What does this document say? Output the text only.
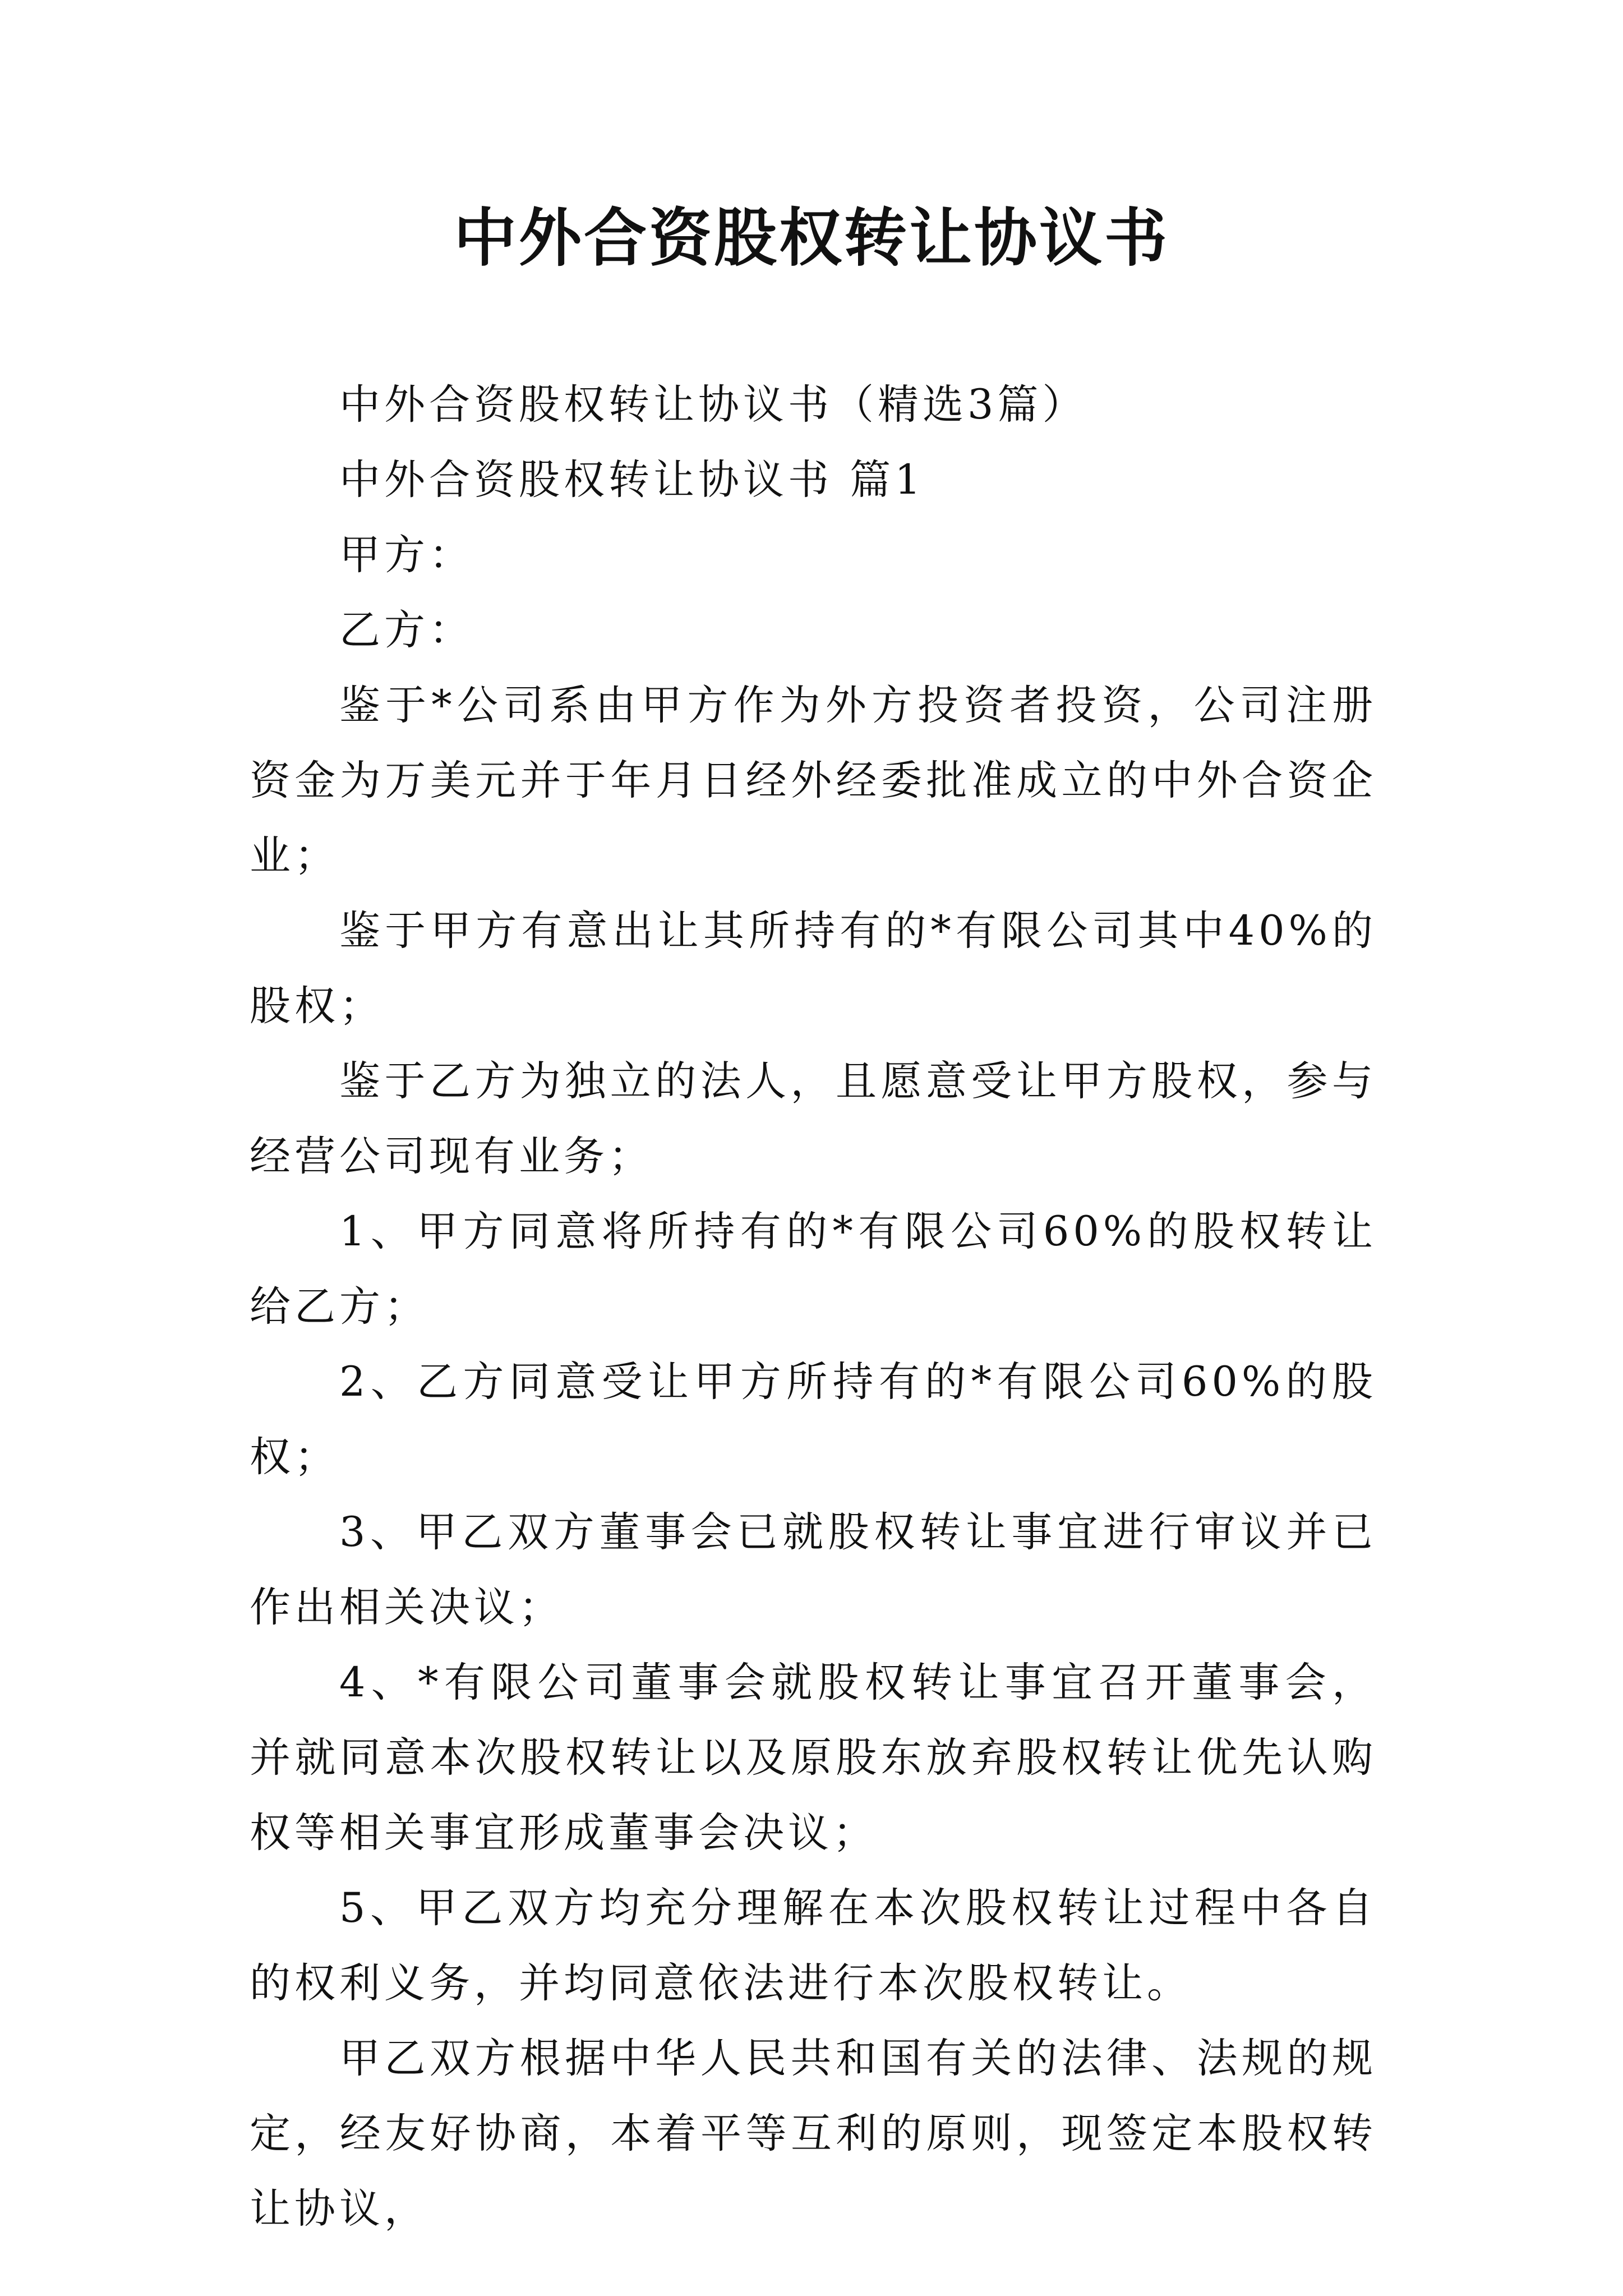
中外合资股权转让协议书

中外合资股权转让协议书（精选3篇）

中外合资股权转让协议书 篇1

甲方：

乙方：

鉴于*公司系由甲方作为外方投资者投资，公司注册资金为万美元并于年月日经外经委批准成立的中外合资企业；

鉴于甲方有意出让其所持有的*有限公司其中40%的股权；

鉴于乙方为独立的法人，且愿意受让甲方股权，参与经营公司现有业务；

1、甲方同意将所持有的*有限公司60%的股权转让给乙方；

2、乙方同意受让甲方所持有的*有限公司60%的股权；

3、甲乙双方董事会已就股权转让事宜进行审议并已作出相关决议；

4、*有限公司董事会就股权转让事宜召开董事会，并就同意本次股权转让以及原股东放弃股权转让优先认购权等相关事宜形成董事会决议；

5、甲乙双方均充分理解在本次股权转让过程中各自的权利义务，并均同意依法进行本次股权转让。

甲乙双方根据中华人民共和国有关的法律、法规的规定，经友好协商，本着平等互利的原则，现签定本股权转让协议，
